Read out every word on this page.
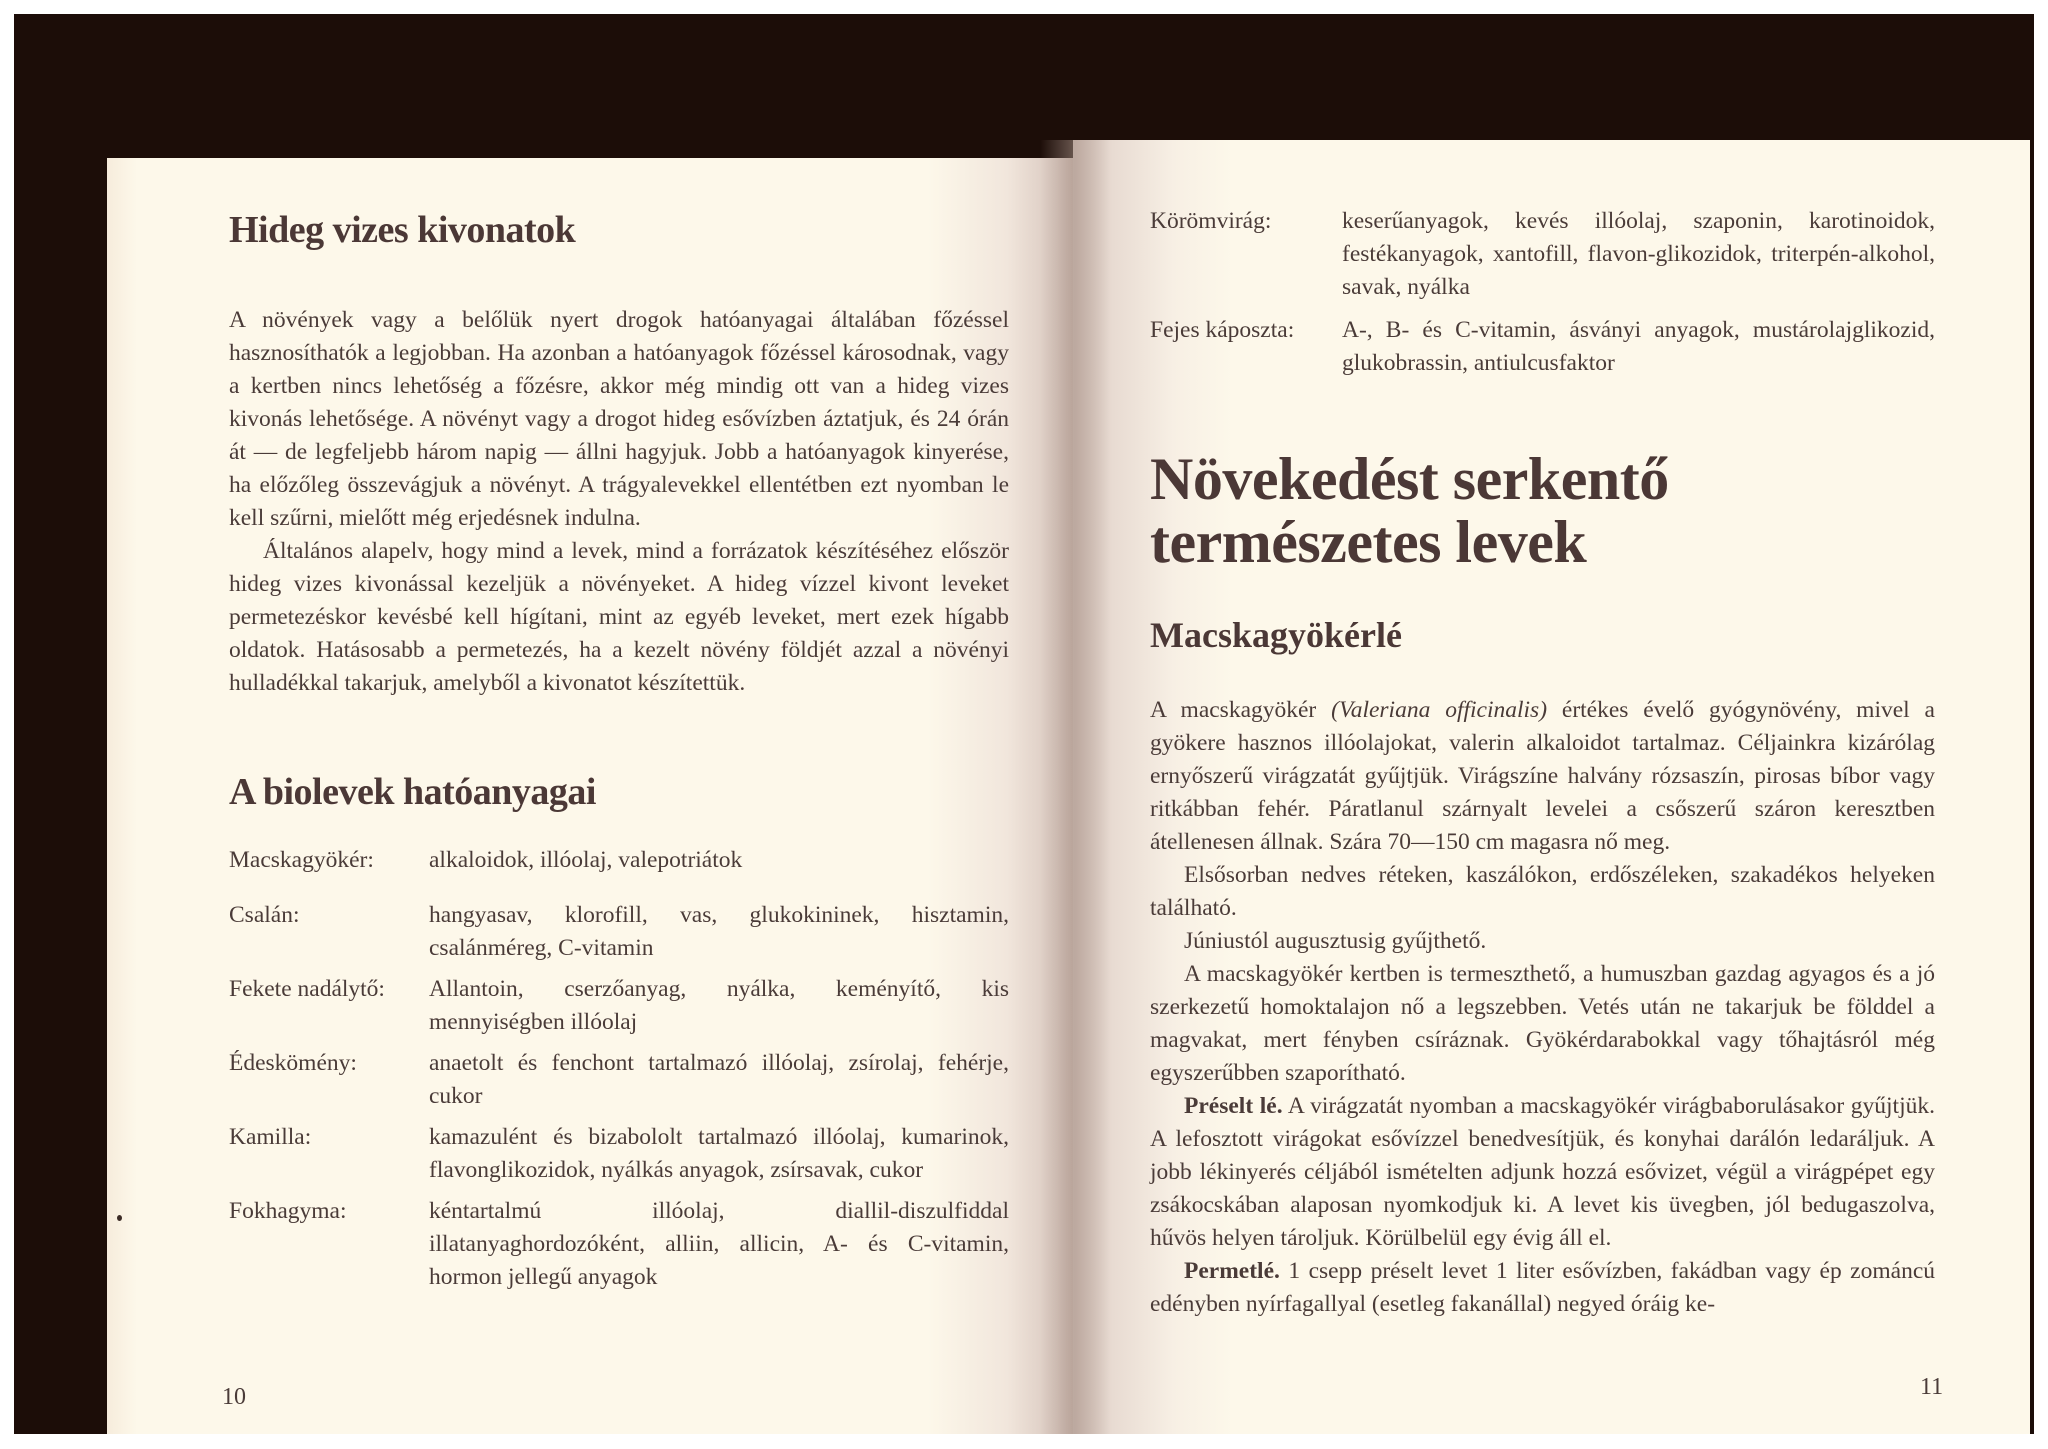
Hideg vizes kivonatok

A növények vagy a belőlük nyert drogok hatóanyagai általában főzéssel hasznosíthatók a legjobban. Ha azonban a hatóanyagok főzéssel károsodnak, vagy a kertben nincs lehetőség a főzésre, akkor még mindig ott van a hideg vizes kivonás lehetősége. A növényt vagy a drogot hideg esővízben áztatjuk, és 24 órán át — de legfeljebb három napig — állni hagyjuk. Jobb a hatóanyagok kinyerése, ha előzőleg összevágjuk a növényt. A trágyalevekkel ellentétben ezt nyomban le kell szűrni, mielőtt még erjedésnek indulna.

Általános alapelv, hogy mind a levek, mind a forrázatok készítéséhez először hideg vizes kivonással kezeljük a növényeket. A hideg vízzel kivont leveket permetezéskor kevésbé kell hígítani, mint az egyéb leveket, mert ezek hígabb oldatok. Hatásosabb a permetezés, ha a kezelt növény földjét azzal a növényi hulladékkal takarjuk, amelyből a kivonatot készítettük.

A biolevek hatóanyagai
Macskagyökér:	alkaloidok, illóolaj, valepotriátok
Csalán:	hangyasav, klorofill, vas, glukokininek, hisztamin, csalánméreg, C-vitamin
Fekete nadálytő:	Allantoin, cserzőanyag, nyálka, keményítő, kis mennyiségben illóolaj
Édeskömény:	anaetolt és fenchont tartalmazó illóolaj, zsírolaj, fehérje, cukor
Kamilla:	kamazulént és bizabololt tartalmazó illóolaj, kumarinok, flavonglikozidok, nyálkás anyagok, zsírsavak, cukor
Fokhagyma:	kéntartalmú illóolaj, diallil-diszulfiddal illatanyaghordozóként, alliin, allicin, A- és C-vitamin, hormon jellegű anyagok
10
Körömvirág:	keserűanyagok, kevés illóolaj, szaponin, karotinoidok, festékanyagok, xantofill, flavon-glikozidok, triterpén-alkohol, savak, nyálka
Fejes káposzta:	A-, B- és C-vitamin, ásványi anyagok, mustárolajglikozid, glukobrassin, antiulcusfaktor
Növekedést serkentő
természetes levek
Macskagyökérlé

A macskagyökér (Valeriana officinalis) értékes évelő gyógynövény, mivel a gyökere hasznos illóolajokat, valerin alkaloidot tartalmaz. Céljainkra kizárólag ernyőszerű virágzatát gyűjtjük. Virágszíne halvány rózsaszín, pirosas bíbor vagy ritkábban fehér. Páratlanul szárnyalt levelei a csőszerű száron keresztben átellenesen állnak. Szára 70—150 cm magasra nő meg.

Elsősorban nedves réteken, kaszálókon, erdőszéleken, szakadékos helyeken található.

Júniustól augusztusig gyűjthető.

A macskagyökér kertben is termeszthető, a humuszban gazdag agyagos és a jó szerkezetű homoktalajon nő a legszebben. Vetés után ne takarjuk be földdel a magvakat, mert fényben csíráznak. Gyökérdarabokkal vagy tőhajtásról még egyszerűbben szaporítható.

Préselt lé. A virágzatát nyomban a macskagyökér virágbaborulásakor gyűjtjük. A lefosztott virágokat esővízzel benedvesítjük, és konyhai darálón ledaráljuk. A jobb lékinyerés céljából ismételten adjunk hozzá esővizet, végül a virágpépet egy zsákocskában alaposan nyomkodjuk ki. A levet kis üvegben, jól bedugaszolva, hűvös helyen tároljuk. Körülbelül egy évig áll el.

Permetlé. 1 csepp préselt levet 1 liter esővízben, fakádban vagy ép zománcú edényben nyírfagallyal (esetleg fakanállal) negyed óráig ke-

11
